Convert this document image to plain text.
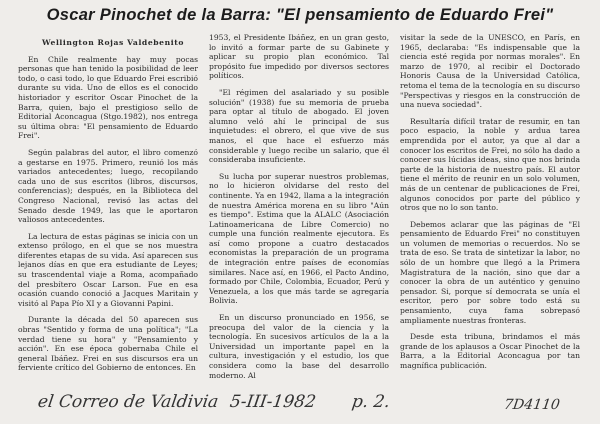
Oscar Pinochet de la Barra: "El pensamiento de Eduardo Frei"

Wellington Rojas Valdebenito

En Chile realmente hay muy pocas personas que han tenido la posibilidad de leer todo, o casi todo, lo que Eduardo Frei escribió durante su vida. Uno de ellos es el conocido historiador y escritor Oscar Pinochet de la Barra, quien, bajo el prestigioso sello de Editorial Aconcagua (Stgo.1982), nos entrega su última obra: "El pensamiento de Eduardo Frei".

Según palabras del autor, el libro comenzó a gestarse en 1975. Primero, reunió los más variados antecedentes; luego, recopilando cada uno de sus escritos (libros, discursos, conferencias); después, en la Biblioteca del Congreso Nacional, revisó las actas del Senado desde 1949, las que le aportaron valiosos antecedentes.

La lectura de estas páginas se inicia con un extenso prólogo, en el que se nos muestra diferentes etapas de su vida. Así aparecen sus lejanos días en que era estudiante de Leyes; su trascendental viaje a Roma, acompañado del presbítero Oscar Larson. Fue en esa ocasión cuando conoció a Jacques Maritain y visitó al Papa Pío XI y a Giovanni Papini.

Durante la década del 50 aparecen sus obras "Sentido y forma de una política"; "La verdad tiene su hora" y "Pensamiento y acción". En ese época gobernaba Chile el general Ibáñez. Frei en sus discursos era un ferviente crítico del Gobierno de entonces. En

1953, el Presidente Ibáñez, en un gran gesto, lo invitó a formar parte de su Gabinete y aplicar su propio plan económico. Tal propósito fue impedido por diversos sectores políticos.

"El régimen del asalariado y su posible solución" (1938) fue su memoria de prueba para optar al título de abogado. El joven alumno veló ahí le principal de sus inquietudes: el obrero, el que vive de sus manos, el que hace el esfuerzo más considerable y luego recibe un salario, que él consideraba insuficiente.

Su lucha por superar nuestros problemas, no lo hicieron olvidarse del resto del continente. Ya en 1942, llama a la integración de nuestra América morena en su libro "Aún es tiempo". Estima que la ALALC (Asociación Latinoamericana de Libre Comercio) no cumple una función realmente ejecutora. Es así como propone a cuatro destacados economistas la preparación de un programa de integración entre países de economías similares. Nace así, en 1966, el Pacto Andino, formado por Chile, Colombia, Ecuador, Perú y Venezuela, a los que más tarde se agregaría Bolivia.

En un discurso pronunciado en 1956, se preocupa del valor de la ciencia y la tecnología. En sucesivos artículos de la a la Universidad un importante papel en la cultura, investigación y el estudio, los que considera como la base del desarrollo moderno. Al

visitar la sede de la UNESCO, en París, en 1965, declaraba: "Es indispensable que la ciencia esté regida por normas morales". En marzo de 1970, al recibir el Doctorado Honoris Causa de la Universidad Católica, retoma el tema de la tecnología en su discurso "Perspectivas y riesgos en la construcción de una nueva sociedad".

Resultaría difícil tratar de resumir, en tan poco espacio, la noble y ardua tarea emprendida por el autor, ya que al dar a conocer los escritos de Frei, no sólo ha dado a conocer sus lúcidas ideas, sino que nos brinda parte de la historia de nuestro país. El autor tiene el mérito de reunir en un solo volumen, más de un centenar de publicaciones de Frei, algunos conocidos por parte del público y otros que no lo son tanto.

Debemos aclarar que las páginas de "El pensamiento de Eduardo Frei" no constituyen un volumen de memorias o recuerdos. No se trata de eso. Se trata de sintetizar la labor, no sólo de un hombre que llegó a la Primera Magistratura de la nación, sino que dar a conocer la obra de un auténtico y genuino pensador. Si, porque sí democrata se unía el escritor, pero por sobre todo está su pensamiento, cuya fama sobrepasó ampliamente nuestras fronteras.

Desde esta tribuna, brindamos el más grande de los aplausos a Oscar Pinochet de la Barra, a la Editorial Aconcagua por tan magnífica publicación.

el Correo de Valdivia 5-III-1982 p. 2.	7D4110
